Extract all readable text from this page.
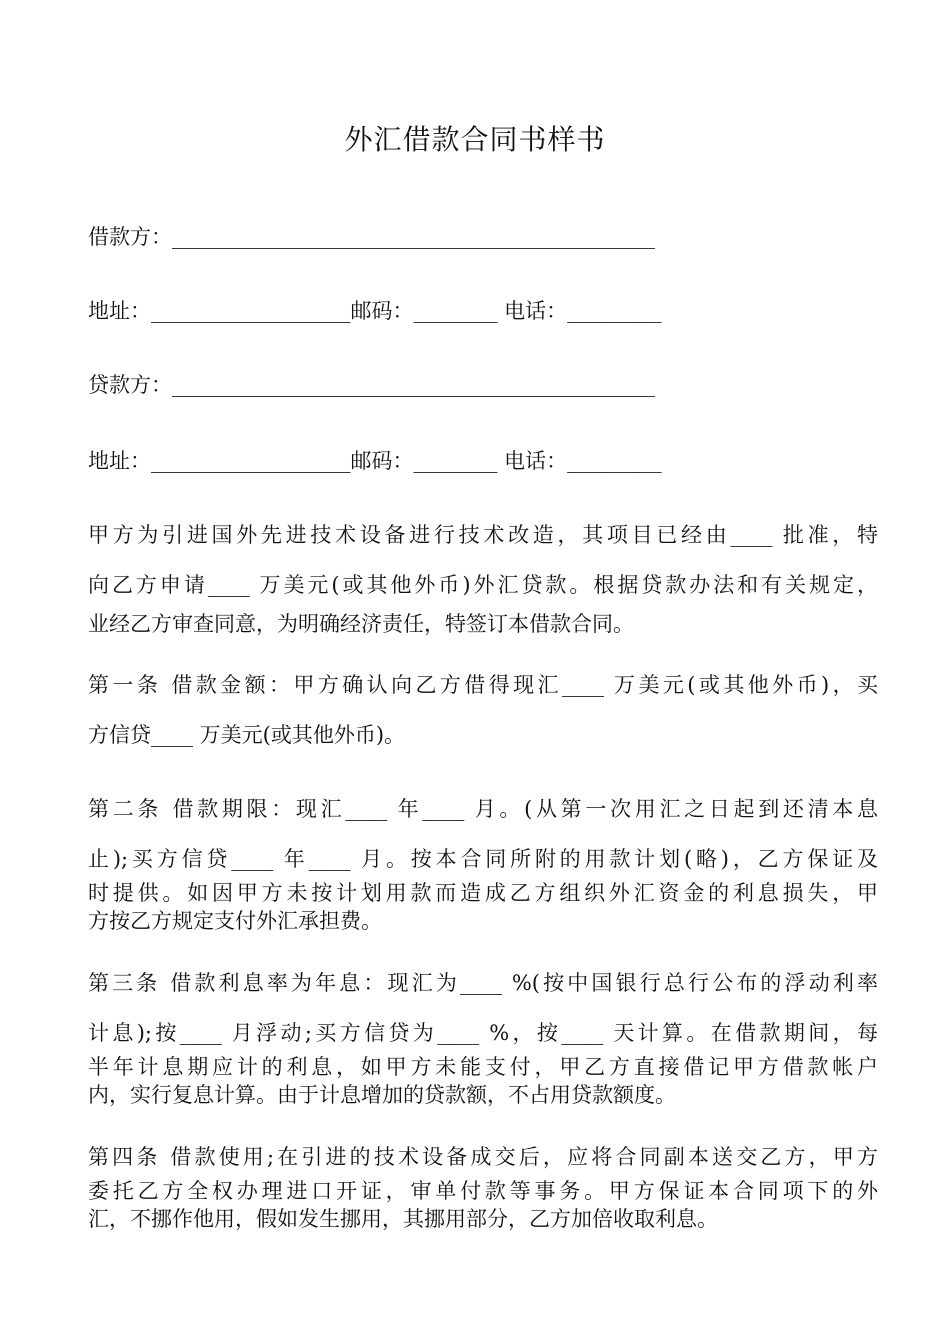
外汇借款合同书样书
借款方：______________________________________________
地址：___________________邮码：________ 电话：_________
贷款方：______________________________________________
地址：___________________邮码：________ 电话：_________
甲方为引进国外先进技术设备进行技术改造，其项目已经由____ 批准，特
向乙方申请____ 万美元(或其他外币)外汇贷款。根据贷款办法和有关规定，
业经乙方审查同意，为明确经济责任，特签订本借款合同。
第一条 借款金额：甲方确认向乙方借得现汇____ 万美元(或其他外币)，买
方信贷____ 万美元(或其他外币)。
第二条 借款期限：现汇____ 年____ 月。(从第一次用汇之日起到还清本息
止);买方信贷____ 年____ 月。按本合同所附的用款计划(略)，乙方保证及
时提供。如因甲方未按计划用款而造成乙方组织外汇资金的利息损失，甲
方按乙方规定支付外汇承担费。
第三条 借款利息率为年息：现汇为____ %(按中国银行总行公布的浮动利率
计息);按____ 月浮动;买方信贷为____ %，按____ 天计算。在借款期间，每
半年计息期应计的利息，如甲方未能支付，甲乙方直接借记甲方借款帐户
内，实行复息计算。由于计息增加的贷款额，不占用贷款额度。
第四条 借款使用;在引进的技术设备成交后，应将合同副本送交乙方，甲方
委托乙方全权办理进口开证，审单付款等事务。甲方保证本合同项下的外
汇，不挪作他用，假如发生挪用，其挪用部分，乙方加倍收取利息。
